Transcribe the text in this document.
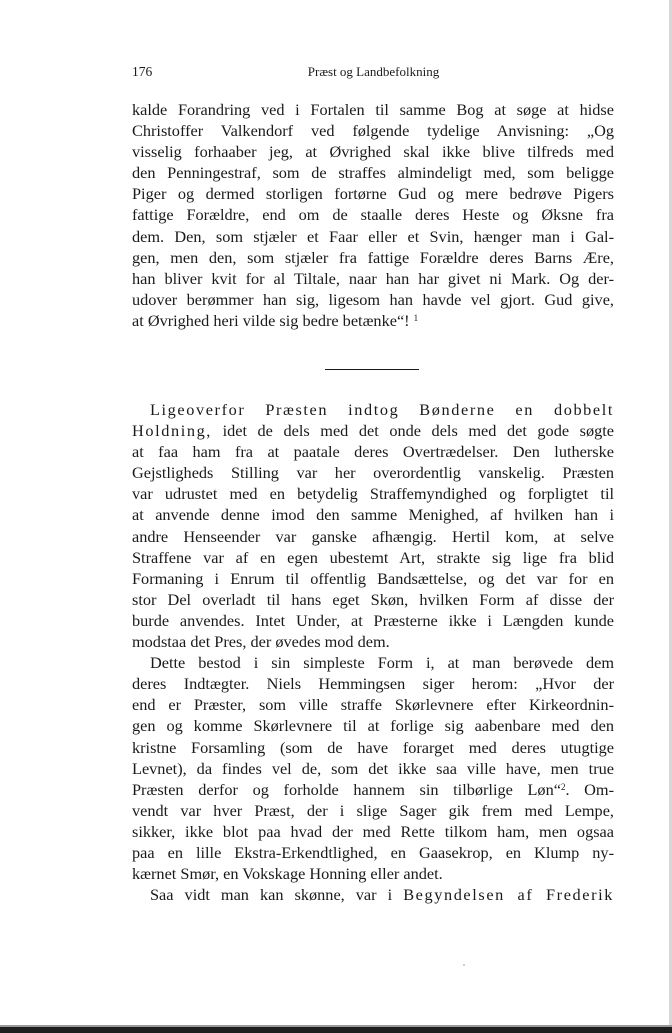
176	Præst og Landbefolkning
kalde Forandring ved i Fortalen til samme Bog at søge at hidse
Christoffer Valkendorf ved følgende tydelige Anvisning: „Og
visselig forhaaber jeg, at Øvrighed skal ikke blive tilfreds med
den Penningestraf, som de straffes almindeligt med, som beligge
Piger og dermed storligen fortørne Gud og mere bedrøve Pigers
fattige Forældre, end om de staalle deres Heste og Øksne fra
dem. Den, som stjæler et Faar eller et Svin, hænger man i Gal-
gen, men den, som stjæler fra fattige Forældre deres Barns Ære,
han bliver kvit for al Tiltale, naar han har givet ni Mark. Og der-
udover berømmer han sig, ligesom han havde vel gjort. Gud give,
at Øvrighed heri vilde sig bedre betænke“! $^1$
Ligeoverfor Præsten indtog Bønderne en dobbelt
Holdning, idet de dels med det onde dels med det gode søgte
at faa ham fra at paatale deres Overtrædelser. Den lutherske
Gejstligheds Stilling var her overordentlig vanskelig. Præsten
var udrustet med en betydelig Straffemyndighed og forpligtet til
at anvende denne imod den samme Menighed, af hvilken han i
andre Henseender var ganske afhængig. Hertil kom, at selve
Straffene var af en egen ubestemt Art, strakte sig lige fra blid
Formaning i Enrum til offentlig Bandsættelse, og det var for en
stor Del overladt til hans eget Skøn, hvilken Form af disse der
burde anvendes. Intet Under, at Præsterne ikke i Længden kunde
modstaa det Pres, der øvedes mod dem.
Dette bestod i sin simpleste Form i, at man berøvede dem
deres Indtægter. Niels Hemmingsen siger herom: „Hvor der
end er Præster, som ville straffe Skørlevnere efter Kirkeordnin-
gen og komme Skørlevnere til at forlige sig aabenbare med den
kristne Forsamling (som de have forarget med deres utugtige
Levnet), da findes vel de, som det ikke saa ville have, men true
Præsten derfor og forholde hannem sin tilbørlige Løn“$^2$. Om-
vendt var hver Præst, der i slige Sager gik frem med Lempe,
sikker, ikke blot paa hvad der med Rette tilkom ham, men ogsaa
paa en lille Ekstra-Erkendtlighed, en Gaasekrop, en Klump ny-
kærnet Smør, en Vokskage Honning eller andet.
Saa vidt man kan skønne, var i Begyndelsen af Frederik
